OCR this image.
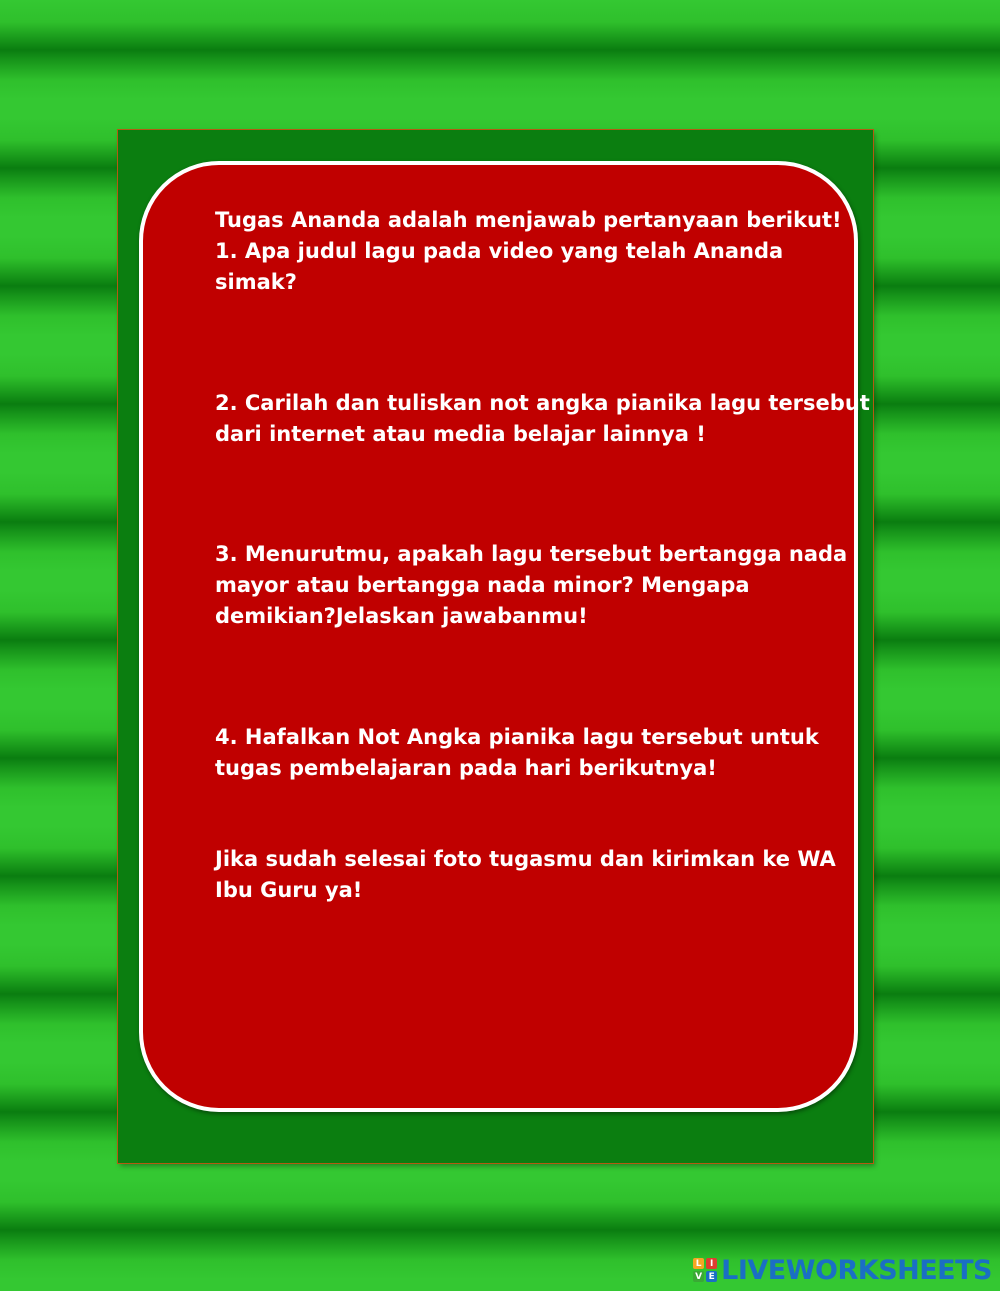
Tugas Ananda adalah menjawab pertanyaan berikut!
1. Apa judul lagu pada video yang telah Ananda
simak?

2. Carilah dan tuliskan not angka pianika lagu tersebut
dari internet atau media belajar lainnya !

3. Menurutmu, apakah lagu tersebut bertangga nada
mayor atau bertangga nada minor? Mengapa
demikian?Jelaskan jawabanmu!

4. Hafalkan Not Angka pianika lagu tersebut untuk
tugas pembelajaran pada hari berikutnya!

Jika sudah selesai foto tugasmu dan kirimkan ke WA
Ibu Guru ya!

L I
V E LIVEWORKSHEETS
